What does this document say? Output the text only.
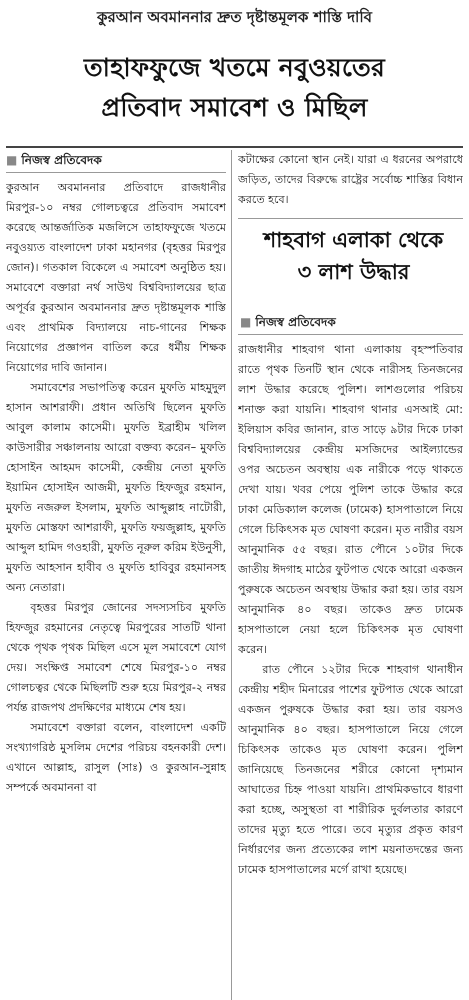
কুরআন অবমাননার দ্রুত দৃষ্টান্তমূলক শাস্তি দাবি
তাহাফফুজে খতমে নবুওয়তের
প্রতিবাদ সমাবেশ ও মিছিল
■ নিজস্ব প্রতিবেদক

কুরআন অবমাননার প্রতিবাদে রাজধানীর মিরপুর-১০ নম্বর গোলচত্বরে প্রতিবাদ সমাবেশ করেছে আন্তর্জাতিক মজলিসে তাহাফফুজে খতমে নবুওয়্যত বাংলাদেশ ঢাকা মহানগর (বৃহত্তর মিরপুর জোন)। গতকাল বিকেলে এ সমাবেশ অনুষ্ঠিত হয়। সমাবেশে বক্তারা নর্থ সাউথ বিশ্ববিদ্যালয়ের ছাত্র অপূর্বর কুরআন অবমাননার দ্রুত দৃষ্টান্তমূলক শাস্তি এবং প্রাথমিক বিদ্যালয়ে নাচ-গানের শিক্ষক নিয়োগের প্রজ্ঞাপন বাতিল করে ধর্মীয় শিক্ষক নিয়োগের দাবি জানান।

সমাবেশের সভাপতিত্ব করেন মুফতি মাহমুদুল হাসান আশরাফী। প্রধান অতিথি ছিলেন মুফতি আবুল কালাম কাসেমী। মুফতি ইব্রাহীম খলিল কাউসারীর সঞ্চালনায় আরো বক্তব্য করেন– মুফতি হোসাইন আহমদ কাসেমী, কেন্দ্রীয় নেতা মুফতি ইয়ামিন হোসাইন আজমী, মুফতি হিফজুর রহমান, মুফতি নজরুল ইসলাম, মুফতি আব্দুল্লাহ নাটোরী, মুফতি মোস্তফা আশরাফী, মুফতি ফয়জুল্লাহ, মুফতি আব্দুল হামিদ গওহারী, মুফতি নূরুল করিম ইউনুসী, মুফতি আহসান হাবীব ও মুফতি হাবিবুর রহমানসহ অন্য নেতারা।

বৃহত্তর মিরপুর জোনের সদস্যসচিব মুফতি হিফজুর রহমানের নেতৃত্বে মিরপুরের সাতটি থানা থেকে পৃথক পৃথক মিছিল এসে মূল সমাবেশে যোগ দেয়। সংক্ষিপ্ত সমাবেশ শেষে মিরপুর-১০ নম্বর গোলচত্বর থেকে মিছিলটি শুরু হয়ে মিরপুর-২ নম্বর পর্যন্ত রাজপথ প্রদক্ষিণের মাধ্যমে শেষ হয়।

সমাবেশে বক্তারা বলেন, বাংলাদেশ একটি সংখ্যাগরিষ্ঠ মুসলিম দেশের পরিচয় বহনকারী দেশ। এখানে আল্লাহ, রাসুল (সাঃ) ও কুরআন-সুন্নাহ সম্পর্কে অবমাননা বা

কটাক্ষের কোনো স্থান নেই। যারা এ ধরনের অপরাধে জড়িত, তাদের বিরুদ্ধে রাষ্ট্রের সর্বোচ্চ শাস্তির বিধান করতে হবে।

শাহবাগ এলাকা থেকে
৩ লাশ উদ্ধার
■ নিজস্ব প্রতিবেদক

রাজধানীর শাহবাগ থানা এলাকায় বৃহস্পতিবার রাতে পৃথক তিনটি স্থান থেকে নারীসহ তিনজনের লাশ উদ্ধার করেছে পুলিশ। লাশগুলোর পরিচয় শনাক্ত করা যায়নি। শাহবাগ থানার এসআই মো: ইলিয়াস কবির জানান, রাত সাড়ে ৯টার দিকে ঢাকা বিশ্ববিদ্যালয়ের কেন্দ্রীয় মসজিদের আইল্যান্ডের ওপর অচেতন অবস্থায় এক নারীকে পড়ে থাকতে দেখা যায়। খবর পেয়ে পুলিশ তাকে উদ্ধার করে ঢাকা মেডিক্যাল কলেজ (ঢামেক) হাসপাতালে নিয়ে গেলে চিকিৎসক মৃত ঘোষণা করেন। মৃত নারীর বয়স আনুমানিক ৫৫ বছর। রাত পৌনে ১০টার দিকে জাতীয় ঈদগাহ মাঠের ফুটপাত থেকে আরো একজন পুরুষকে অচেতন অবস্থায় উদ্ধার করা হয়। তার বয়স আনুমানিক ৪০ বছর। তাকেও দ্রুত ঢামেক হাসপাতালে নেয়া হলে চিকিৎসক মৃত ঘোষণা করেন।

রাত পৌনে ১২টার দিকে শাহবাগ থানাধীন কেন্দ্রীয় শহীদ মিনারের পাশের ফুটপাত থেকে আরো একজন পুরুষকে উদ্ধার করা হয়। তার বয়সও আনুমানিক ৪০ বছর। হাসপাতালে নিয়ে গেলে চিকিৎসক তাকেও মৃত ঘোষণা করেন। পুলিশ জানিয়েছে তিনজনের শরীরে কোনো দৃশ্যমান আঘাতের চিহ্ন পাওয়া যায়নি। প্রাথমিকভাবে ধারণা করা হচ্ছে, অসুস্থতা বা শারীরিক দুর্বলতার কারণে তাদের মৃত্যু হতে পারে। তবে মৃত্যুর প্রকৃত কারণ নির্ধারণের জন্য প্রত্যেকের লাশ ময়নাতদন্তের জন্য ঢামেক হাসপাতালের মর্গে রাখা হয়েছে।
